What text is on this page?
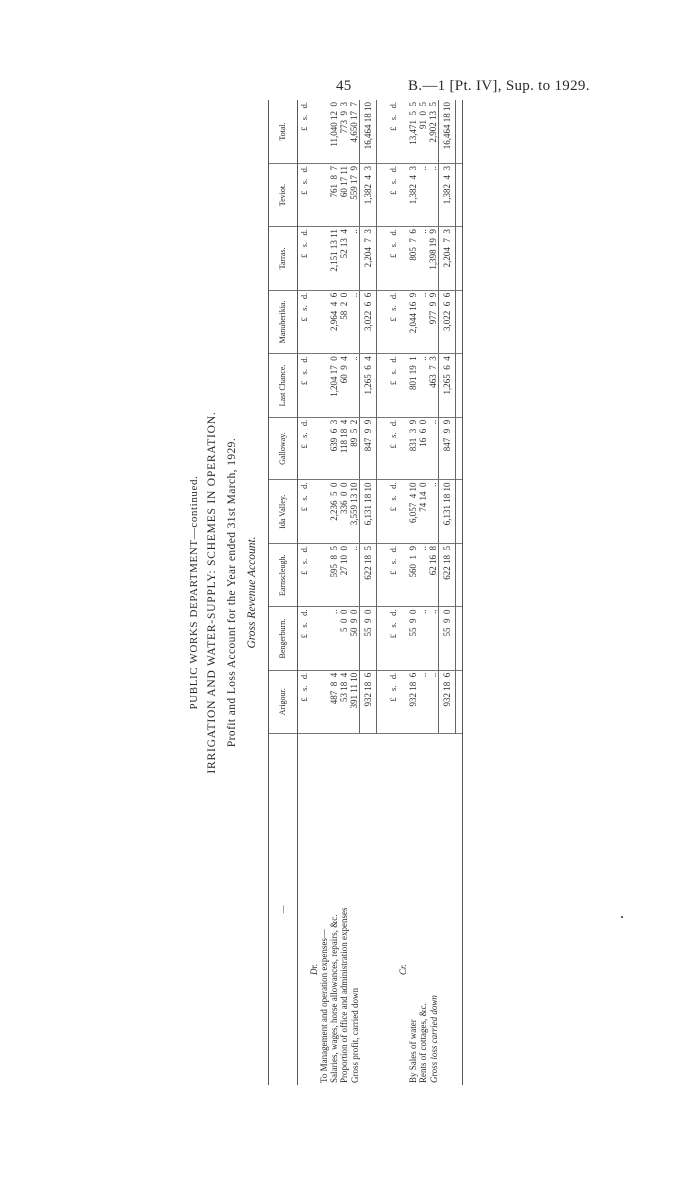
45	B.—1 [Pt. IV], Sup. to 1929.
PUBLIC WORKS DEPARTMENT—continued. IRRIGATION AND WATER-SUPPLY: SCHEMES IN OPERATION. Profit and Loss Account for the Year ended 31st March, 1929. Gross Revenue Account.
—	Arigour.	Bengerburn.	Earnscleugh.	Ida Valley.	Galloway.	Last Chance.	Manuherikia.	Tarras.	Teviot.	Total.
	£   s.   d.	£   s.   d.	£   s.   d.	£   s.   d.	£   s.   d.	£   s.   d.	£   s.   d.	£   s.   d.	£   s.   d.	£   s.   d.
Dr.										
To Management and operation expenses—										
Salaries, wages, horse allowances, repairs, &c.	487  8  4	..	595  8  5	2,236  5  0	639  6  3	1,204 17  0	2,964  4  6	2,151 13 11	761  8  7	11,040 12  0
Proportion of office and administration expenses	53 18  4	5  0  0	27 10  0	336  0  0	118 18  4	60  9  4	58  2  0	52 13  4	60 17 11	773  9  3
Gross profit, carried down	391 11 10	50  9  0	..	3,559 13 10	89  5  2	..	..	..	559 17  9	4,650 17  7
	932 18  6	55  9  0	622 18  5	6,131 18 10	847  9  9	1,265  6  4	3,022  6  6	2,204  7  3	1,382  4  3	16,464 18 10

	£   s.   d.	£   s.   d.	£   s.   d.	£   s.   d.	£   s.   d.	£   s.   d.	£   s.   d.	£   s.   d.	£   s.   d.	£   s.   d.
Cr.										
By Sales of water	932 18  6	55  9  0	560  1  9	6,057  4 10	831  3  9	801 19  1	2,044 16  9	805  7  6	1,382  4  3	13,471  5  5
Rents of cottages, &c.	..	..	..	74 14  0	16  6  0	..	..	..	..	91  0  5
Gross loss carried down	..	..	62 16  8	..	..	463  7  3	977  9  9	1,398 19  9	..	2,902 13  5
	932 18  6	55  9  0	622 18  5	6,131 18 10	847  9  9	1,265  6  4	3,022  6  6	2,204  7  3	1,382  4  3	16,464 18 10
